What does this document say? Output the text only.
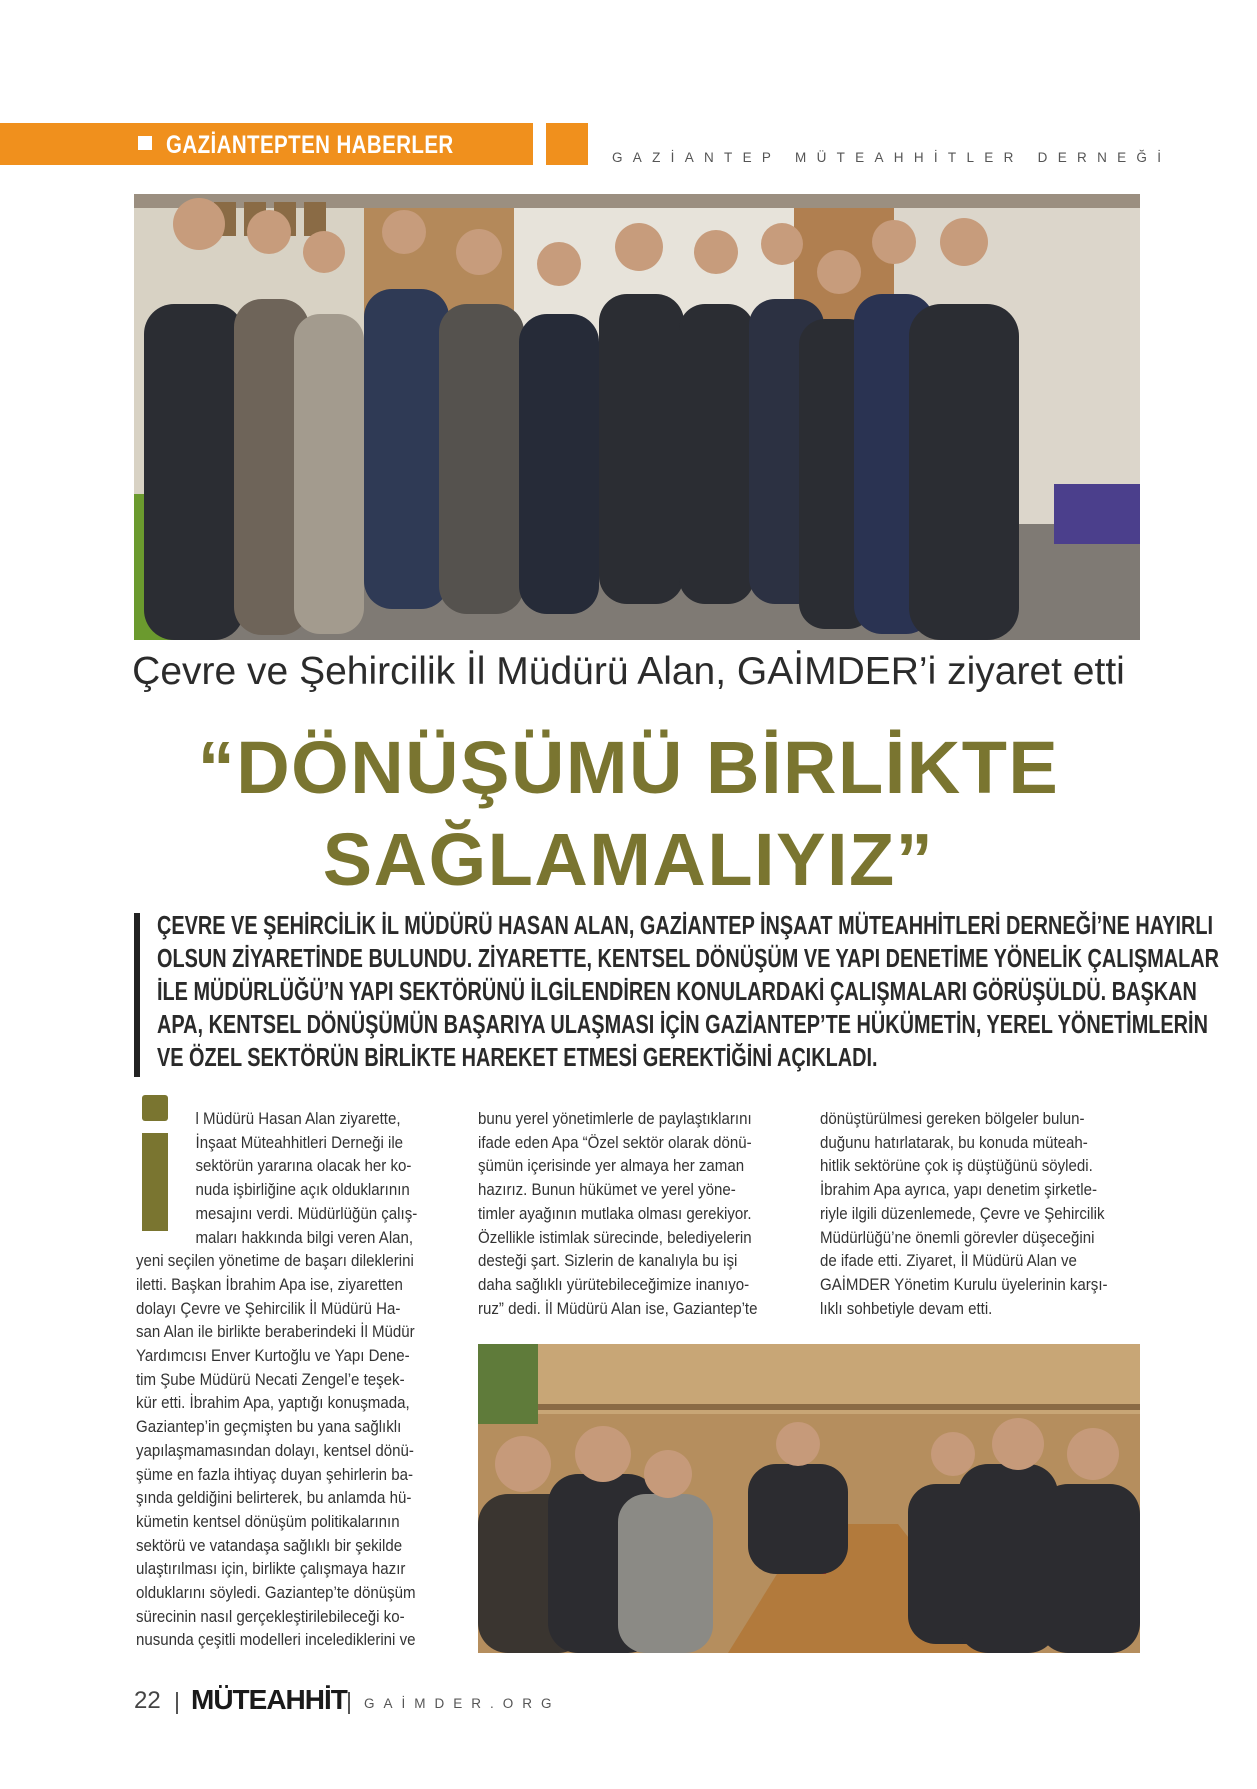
GAZİANTEPTEN HABERLER	GAZİANTEP MÜTEAHHİTLER DERNEĞİ
Çevre ve Şehircilik İl Müdürü Alan, GAİMDER’i ziyaret etti
“DÖNÜŞÜMÜ BİRLİKTE
SAĞLAMALIYIZ”
ÇEVRE VE ŞEHİRCİLİK İL MÜDÜRÜ HASAN ALAN, GAZİANTEP İNŞAAT MÜTEAHHİTLERİ DERNEĞİ’NE HAYIRLI
OLSUN ZİYARETİNDE BULUNDU. ZİYARETTE, KENTSEL DÖNÜŞÜM VE YAPI DENETİME YÖNELİK ÇALIŞMALAR
İLE MÜDÜRLÜĞÜ’N YAPI SEKTÖRÜNÜ İLGİLENDİREN KONULARDAKİ ÇALIŞMALARI GÖRÜŞÜLDÜ. BAŞKAN
APA, KENTSEL DÖNÜŞÜMÜN BAŞARIYA ULAŞMASI İÇİN GAZİANTEP’TE HÜKÜMETİN, YEREL YÖNETİMLERİN
VE ÖZEL SEKTÖRÜN BİRLİKTE HAREKET ETMESİ GEREKTİĞİNİ AÇIKLADI.
l Müdürü Hasan Alan ziyarette,
İnşaat Müteahhitleri Derneği ile
sektörün yararına olacak her ko-
nuda işbirliğine açık olduklarının
mesajını verdi. Müdürlüğün çalış-
maları hakkında bilgi veren Alan,
yeni seçilen yönetime de başarı dileklerini
iletti. Başkan İbrahim Apa ise, ziyaretten
dolayı Çevre ve Şehircilik İl Müdürü Ha-
san Alan ile birlikte beraberindeki İl Müdür
Yardımcısı Enver Kurtoğlu ve Yapı Dene-
tim Şube Müdürü Necati Zengel’e teşek-
kür etti. İbrahim Apa, yaptığı konuşmada,
Gaziantep’in geçmişten bu yana sağlıklı
yapılaşmamasından dolayı, kentsel dönü-
şüme en fazla ihtiyaç duyan şehirlerin ba-
şında geldiğini belirterek, bu anlamda hü-
kümetin kentsel dönüşüm politikalarının
sektörü ve vatandaşa sağlıklı bir şekilde
ulaştırılması için, birlikte çalışmaya hazır
olduklarını söyledi. Gaziantep’te dönüşüm
sürecinin nasıl gerçekleştirilebileceği ko-
nusunda çeşitli modelleri incelediklerini ve
bunu yerel yönetimlerle de paylaştıklarını
ifade eden Apa “Özel sektör olarak dönü-
şümün içerisinde yer almaya her zaman
hazırız. Bunun hükümet ve yerel yöne-
timler ayağının mutlaka olması gerekiyor.
Özellikle istimlak sürecinde, belediyelerin
desteği şart. Sizlerin de kanalıyla bu işi
daha sağlıklı yürütebileceğimize inanıyo-
ruz” dedi. İl Müdürü Alan ise, Gaziantep’te
dönüştürülmesi gereken bölgeler bulun-
duğunu hatırlatarak, bu konuda müteah-
hitlik sektörüne çok iş düştüğünü söyledi.
İbrahim Apa ayrıca, yapı denetim şirketle-
riyle ilgili düzenlemede, Çevre ve Şehircilik
Müdürlüğü’ne önemli görevler düşeceğini
de ifade etti. Ziyaret, İl Müdürü Alan ve
GAİMDER Yönetim Kurulu üyelerinin karşı-
lıklı sohbetiyle devam etti.
22 MÜTEAHHİT GAİMDER.ORG
